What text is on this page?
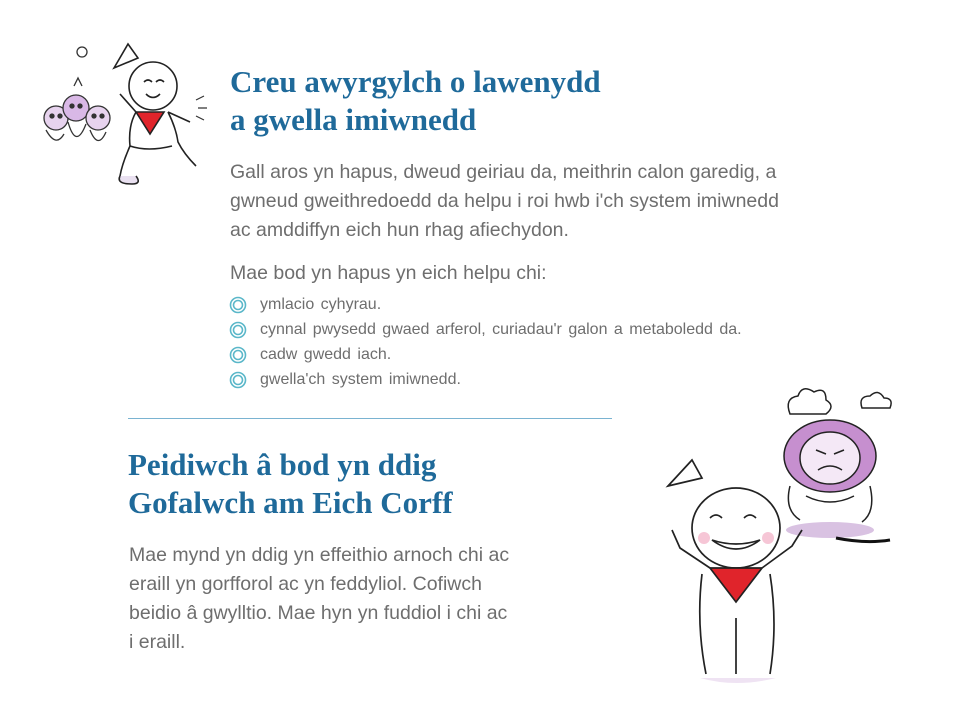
Creu awyrgylch o lawenydd
a gwella imiwnedd
Gall aros yn hapus, dweud geiriau da, meithrin calon garedig, a
gwneud gweithredoedd da helpu i roi hwb i'ch system imiwnedd
ac amddiffyn eich hun rhag afiechydon.
Mae bod yn hapus yn eich helpu chi:
ymlacio cyhyrau.
cynnal pwysedd gwaed arferol, curiadau'r galon a metaboledd da.
cadw gwedd iach.
gwella'ch system imiwnedd.
Peidiwch â bod yn ddig
Gofalwch am Eich Corff
Mae mynd yn ddig yn effeithio arnoch chi ac
eraill yn gorfforol ac yn feddyliol. Cofiwch
beidio â gwylltio. Mae hyn yn fuddiol i chi ac
i eraill.
